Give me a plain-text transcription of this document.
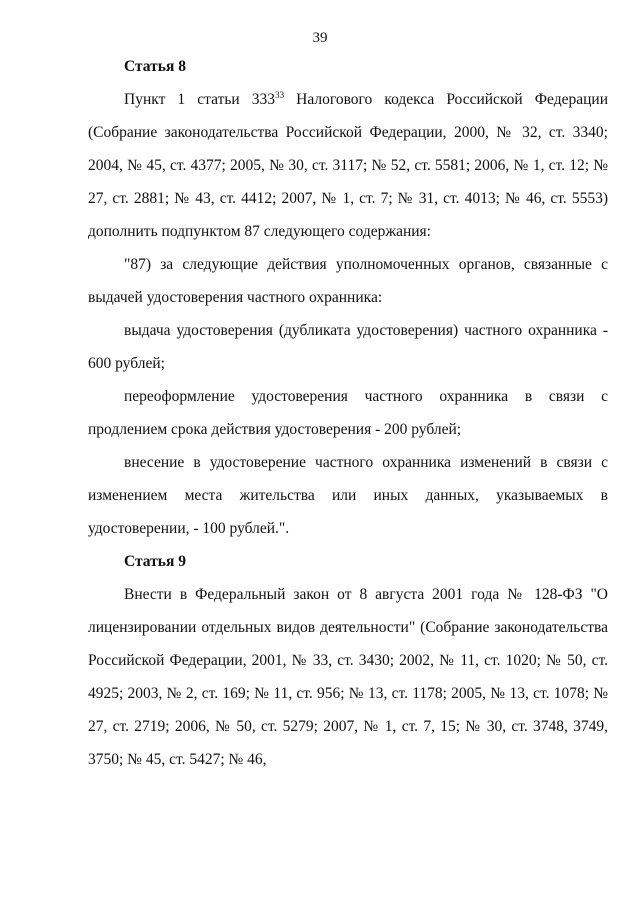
39

Статья 8

Пункт 1 статьи $333^{33}$ Налогового кодекса Российской Федерации (Собрание законодательства Российской Федерации, 2000, № 32, ст. 3340; 2004, № 45, ст. 4377; 2005, № 30, ст. 3117; № 52, ст. 5581; 2006, № 1, ст. 12; № 27, ст. 2881; № 43, ст. 4412; 2007, № 1, ст. 7; № 31, ст. 4013; № 46, ст. 5553) дополнить подпунктом 87 следующего содержания:

"87) за следующие действия уполномоченных органов, связанные с выдачей удостоверения частного охранника:

выдача удостоверения (дубликата удостоверения) частного охранника - 600 рублей;

переоформление удостоверения частного охранника в связи с продлением срока действия удостоверения - 200 рублей;

внесение в удостоверение частного охранника изменений в связи с изменением места жительства или иных данных, указываемых в удостоверении, - 100 рублей.".

Статья 9

Внести в Федеральный закон от 8 августа 2001 года № 128-ФЗ "О лицензировании отдельных видов деятельности" (Собрание законодательства Российской Федерации, 2001, № 33, ст. 3430; 2002, № 11, ст. 1020; № 50, ст. 4925; 2003, № 2, ст. 169; № 11, ст. 956; № 13, ст. 1178; 2005, № 13, ст. 1078; № 27, ст. 2719; 2006, № 50, ст. 5279; 2007, № 1, ст. 7, 15; № 30, ст. 3748, 3749, 3750; № 45, ст. 5427; № 46,
